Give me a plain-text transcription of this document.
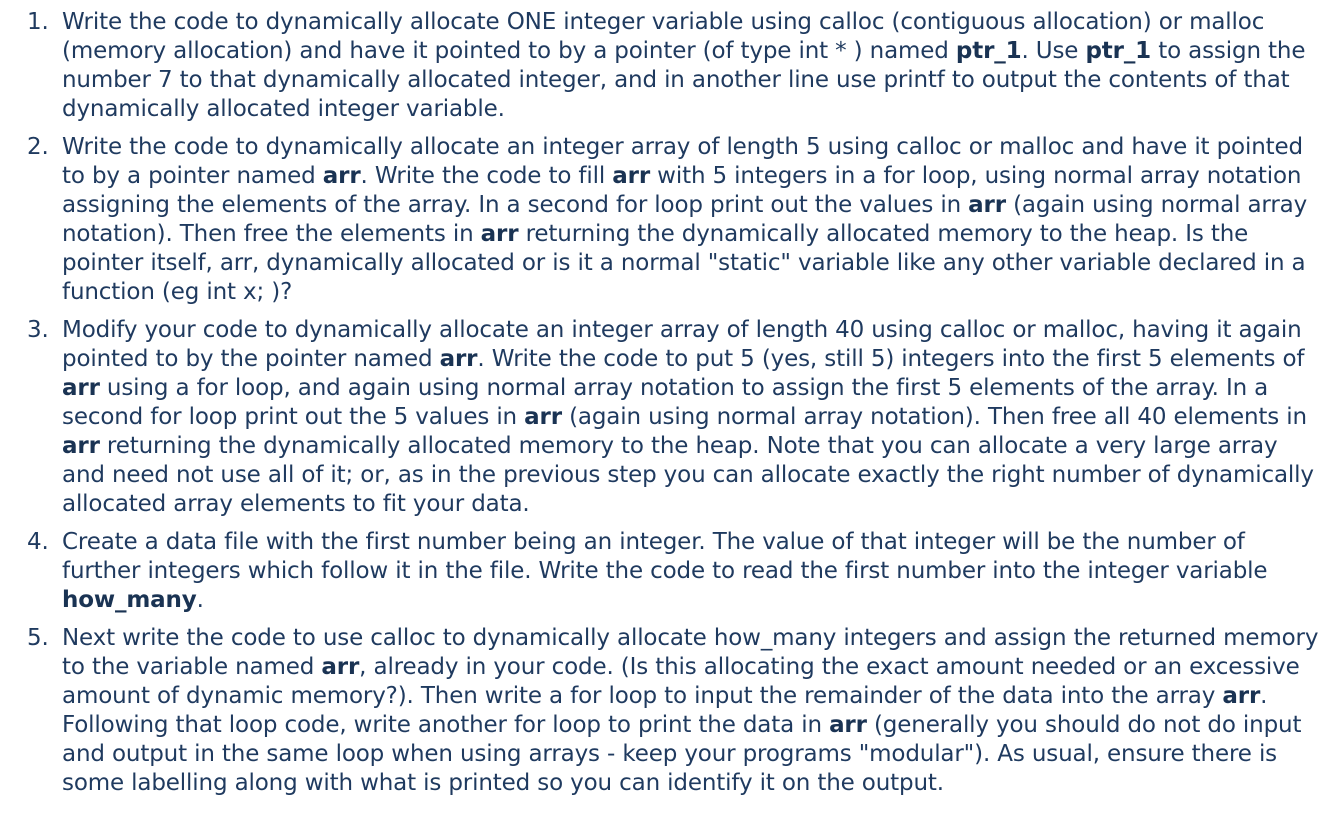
1. Write the code to dynamically allocate ONE integer variable using calloc (contiguous allocation) or malloc (memory allocation) and have it pointed to by a pointer (of type int * ) named ptr_1. Use ptr_1 to assign the number 7 to that dynamically allocated integer, and in another line use printf to output the contents of that dynamically allocated integer variable.
2. Write the code to dynamically allocate an integer array of length 5 using calloc or malloc and have it pointed to by a pointer named arr. Write the code to fill arr with 5 integers in a for loop, using normal array notation assigning the elements of the array. In a second for loop print out the values in arr (again using normal array notation). Then free the elements in arr returning the dynamically allocated memory to the heap. Is the pointer itself, arr, dynamically allocated or is it a normal "static" variable like any other variable declared in a function (eg int x; )?
3. Modify your code to dynamically allocate an integer array of length 40 using calloc or malloc, having it again pointed to by the pointer named arr. Write the code to put 5 (yes, still 5) integers into the first 5 elements of arr using a for loop, and again using normal array notation to assign the first 5 elements of the array. In a second for loop print out the 5 values in arr (again using normal array notation). Then free all 40 elements in arr returning the dynamically allocated memory to the heap. Note that you can allocate a very large array and need not use all of it; or, as in the previous step you can allocate exactly the right number of dynamically allocated array elements to fit your data.
4. Create a data file with the first number being an integer. The value of that integer will be the number of further integers which follow it in the file. Write the code to read the first number into the integer variable how_many.
5. Next write the code to use calloc to dynamically allocate how_many integers and assign the returned memory to the variable named arr, already in your code. (Is this allocating the exact amount needed or an excessive amount of dynamic memory?). Then write a for loop to input the remainder of the data into the array arr. Following that loop code, write another for loop to print the data in arr (generally you should do not do input and output in the same loop when using arrays - keep your programs "modular"). As usual, ensure there is some labelling along with what is printed so you can identify it on the output.
